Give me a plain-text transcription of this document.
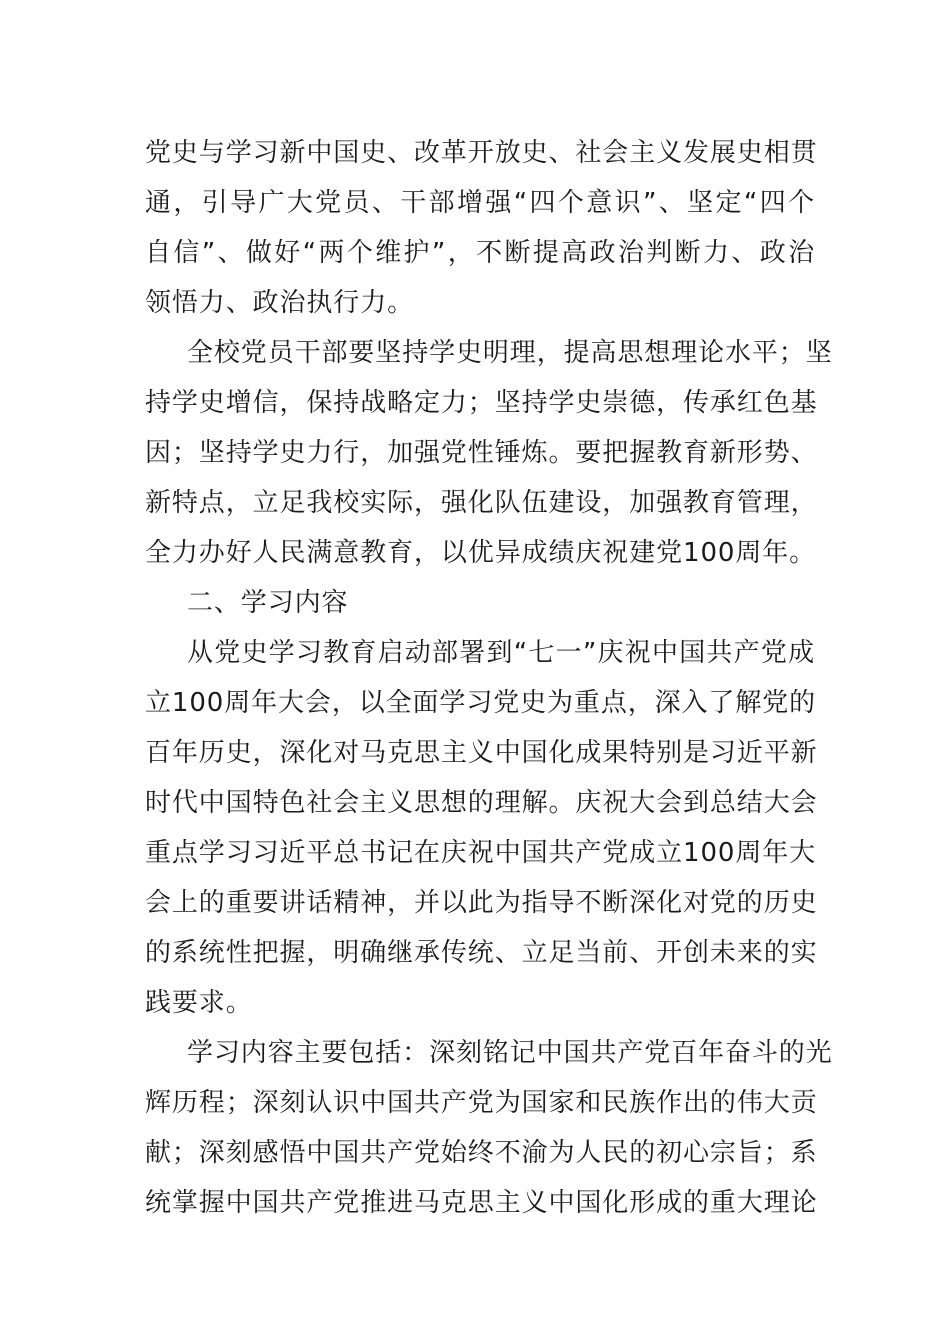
党史与学习新中国史、改革开放史、社会主义发展史相贯
通，引导广大党员、干部增强“四个意识”、坚定“四个
自信”、做好“两个维护”，不断提高政治判断力、政治
领悟力、政治执行力。
全校党员干部要坚持学史明理，提高思想理论水平；坚
持学史增信，保持战略定力；坚持学史崇德，传承红色基
因；坚持学史力行，加强党性锤炼。要把握教育新形势、
新特点，立足我校实际，强化队伍建设，加强教育管理，
全力办好人民满意教育，以优异成绩庆祝建党100周年。
二、学习内容
从党史学习教育启动部署到“七一”庆祝中国共产党成
立100周年大会，以全面学习党史为重点，深入了解党的
百年历史，深化对马克思主义中国化成果特别是习近平新
时代中国特色社会主义思想的理解。庆祝大会到总结大会
重点学习习近平总书记在庆祝中国共产党成立100周年大
会上的重要讲话精神，并以此为指导不断深化对党的历史
的系统性把握，明确继承传统、立足当前、开创未来的实
践要求。
学习内容主要包括：深刻铭记中国共产党百年奋斗的光
辉历程；深刻认识中国共产党为国家和民族作出的伟大贡
献；深刻感悟中国共产党始终不渝为人民的初心宗旨；系
统掌握中国共产党推进马克思主义中国化形成的重大理论
